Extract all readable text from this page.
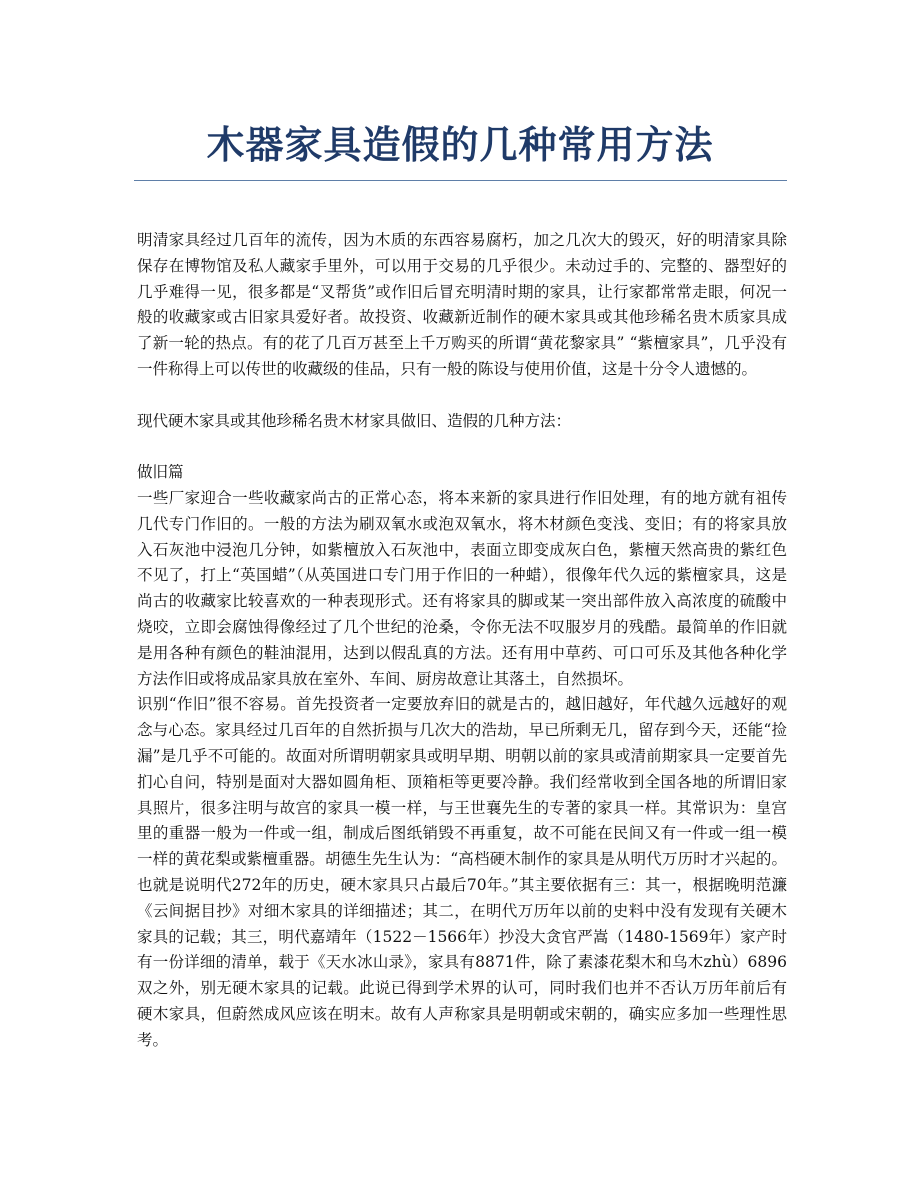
木器家具造假的几种常用方法

明清家具经过几百年的流传，因为木质的东西容易腐朽，加之几次大的毁灭，好的明清家具除保存在博物馆及私人藏家手里外，可以用于交易的几乎很少。未动过手的、完整的、器型好的几乎难得一见，很多都是“叉帮货”或作旧后冒充明清时期的家具，让行家都常常走眼，何况一般的收藏家或古旧家具爱好者。故投资、收藏新近制作的硬木家具或其他珍稀名贵木质家具成了新一轮的热点。有的花了几百万甚至上千万购买的所谓“黄花黎家具” “紫檀家具”，几乎没有一件称得上可以传世的收藏级的佳品，只有一般的陈设与使用价值，这是十分令人遗憾的。

现代硬木家具或其他珍稀名贵木材家具做旧、造假的几种方法：

做旧篇

一些厂家迎合一些收藏家尚古的正常心态，将本来新的家具进行作旧处理，有的地方就有祖传几代专门作旧的。一般的方法为刷双氧水或泡双氧水，将木材颜色变浅、变旧；有的将家具放入石灰池中浸泡几分钟，如紫檀放入石灰池中，表面立即变成灰白色，紫檀天然高贵的紫红色不见了，打上“英国蜡”（从英国进口专门用于作旧的一种蜡），很像年代久远的紫檀家具，这是尚古的收藏家比较喜欢的一种表现形式。还有将家具的脚或某一突出部件放入高浓度的硫酸中烧咬，立即会腐蚀得像经过了几个世纪的沧桑，令你无法不叹服岁月的残酷。最简单的作旧就是用各种有颜色的鞋油混用，达到以假乱真的方法。还有用中草药、可口可乐及其他各种化学方法作旧或将成品家具放在室外、车间、厨房故意让其落土，自然损坏。

识别“作旧”很不容易。首先投资者一定要放弃旧的就是古的，越旧越好，年代越久远越好的观念与心态。家具经过几百年的自然折损与几次大的浩劫，早已所剩无几，留存到今天，还能“捡漏”是几乎不可能的。故面对所谓明朝家具或明早期、明朝以前的家具或清前期家具一定要首先扪心自问，特别是面对大器如圆角柜、顶箱柜等更要冷静。我们经常收到全国各地的所谓旧家具照片，很多注明与故宫的家具一模一样，与王世襄先生的专著的家具一样。其常识为：皇宫里的重器一般为一件或一组，制成后图纸销毁不再重复，故不可能在民间又有一件或一组一模一样的黄花梨或紫檀重器。胡德生先生认为：“高档硬木制作的家具是从明代万历时才兴起的。也就是说明代272年的历史，硬木家具只占最后70年。”其主要依据有三：其一，根据晚明范濂《云间据目抄》对细木家具的详细描述；其二，在明代万历年以前的史料中没有发现有关硬木家具的记载；其三，明代嘉靖年（1522－1566年）抄没大贪官严嵩（1480-1569年）家产时有一份详细的清单，载于《天水冰山录》，家具有8871件，除了素漆花梨木和乌木zhù）6896双之外，别无硬木家具的记载。此说已得到学术界的认可，同时我们也并不否认万历年前后有硬木家具，但蔚然成风应该在明末。故有人声称家具是明朝或宋朝的，确实应多加一些理性思考。
